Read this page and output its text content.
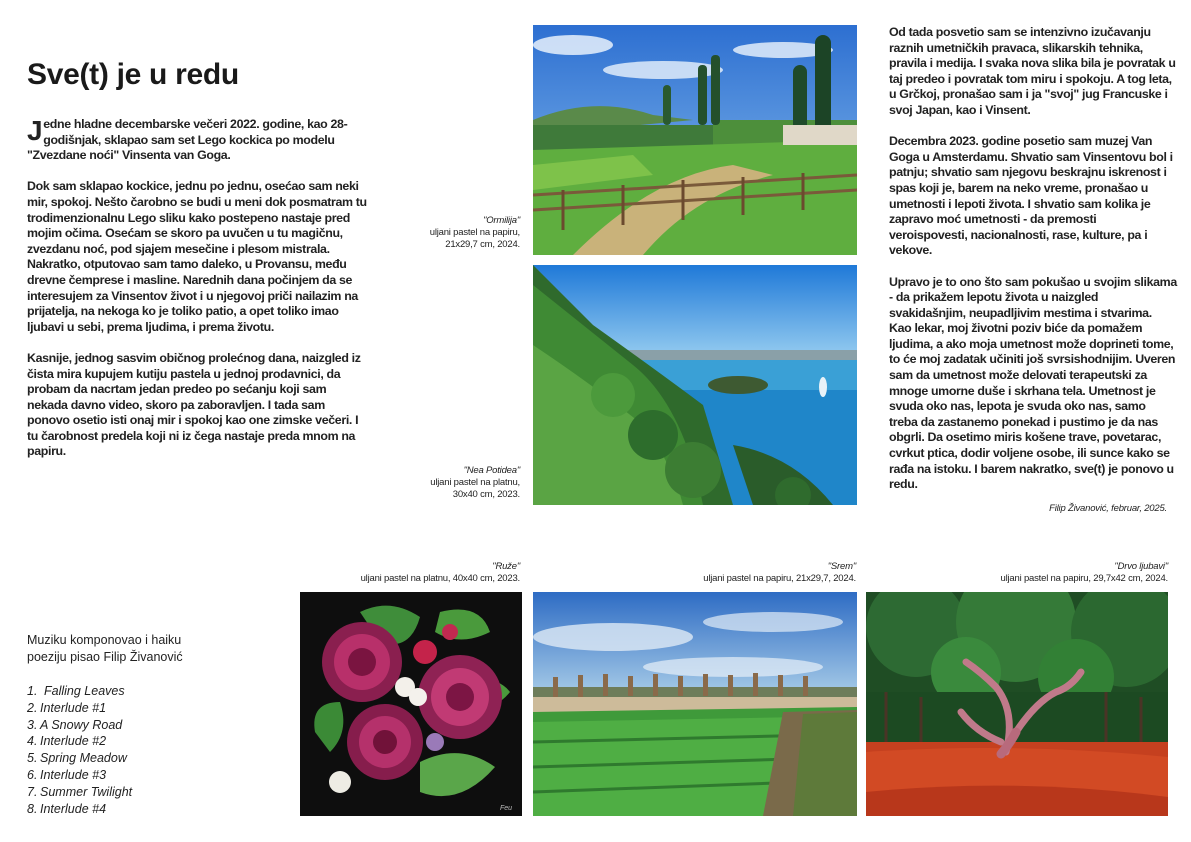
Sve(t) je u redu

Jedne hladne decembarske večeri 2022. godine, kao 28-godišnjak, sklapao sam set Lego kockica po modelu "Zvezdane noći" Vinsenta van Goga.

Dok sam sklapao kockice, jednu po jednu, osećao sam neki mir, spokoj. Nešto čarobno se budi u meni dok posmatram tu trodimenzionalnu Lego sliku kako postepeno nastaje pred mojim očima. Osećam se skoro pa uvučen u tu magičnu, zvezdanu noć, pod sjajem mesečine i plesom mistrala. Nakratko, otputovao sam tamo daleko, u Provansu, među drevne čemprese i masline. Narednih dana počinjem da se interesujem za Vinsentov život i u njegovoj priči nailazim na prijatelja, na nekoga ko je toliko patio, a opet toliko imao ljubavi u sebi, prema ljudima, i prema životu.

Kasnije, jednog sasvim običnog prolećnog dana, naizgled iz čista mira kupujem kutiju pastela u jednoj prodavnici, da probam da nacrtam jedan predeo po sećanju koji sam nekada davno video, skoro pa zaboravljen. I tada sam ponovo osetio isti onaj mir i spokoj kao one zimske večeri. I tu čarobnost predela koji ni iz čega nastaje preda mnom na papiru.

Od tada posvetio sam se intenzivno izučavanju raznih umetničkih pravaca, slikarskih tehnika, pravila i medija. I svaka nova slika bila je povratak u taj predeo i povratak tom miru i spokoju. A tog leta, u Grčkoj, pronašao sam i ja "svoj" jug Francuske i svoj Japan, kao i Vinsent.

Decembra 2023. godine posetio sam muzej Van Goga u Amsterdamu. Shvatio sam Vinsentovu bol i patnju; shvatio sam njegovu beskrajnu iskrenost i spas koji je, barem na neko vreme, pronašao u umetnosti i lepoti života. I shvatio sam kolika je zapravo moć umetnosti - da premosti veroispovesti, nacionalnosti, rase, kulture, pa i vekove.

Upravo je to ono što sam pokušao u svojim slikama - da prikažem lepotu života u naizgled svakidašnjim, neupadljivim mestima i stvarima. Kao lekar, moj životni poziv biće da pomažem ljudima, a ako moja umetnost može doprineti tome, to će moj zadatak učiniti još svrsishodnijim. Uveren sam da umetnost može delovati terapeutski za mnoge umorne duše i skrhana tela. Umetnost je svuda oko nas, lepota je svuda oko nas, samo treba da zastanemo ponekad i pustimo je da nas obgrli. Da osetimo miris košene trave, povetarac, cvrkut ptica, dodir voljene osobe, ili sunce kako se rađa na istoku. I barem nakratko, sve(t) je ponovo u redu.

Filip Živanović, februar, 2025.
"Ormilija"
uljani pastel na papiru,
21x29,7 cm, 2024.
"Nea Potidea"
uljani pastel na platnu,
30x40 cm, 2023.
"Ruže"
uljani pastel na platnu, 40x40 cm, 2023.
"Srem"
uljani pastel na papiru, 21x29,7, 2024.
"Drvo ljubavi"
uljani pastel na papiru, 29,7x42 cm, 2024.
Feu
Muziku komponovao i haiku
poeziju pisao Filip Živanović
1. Falling Leaves
2. Interlude #1
3. A Snowy Road
4. Interlude #2
5. Spring Meadow
6. Interlude #3
7. Summer Twilight
8. Interlude #4
